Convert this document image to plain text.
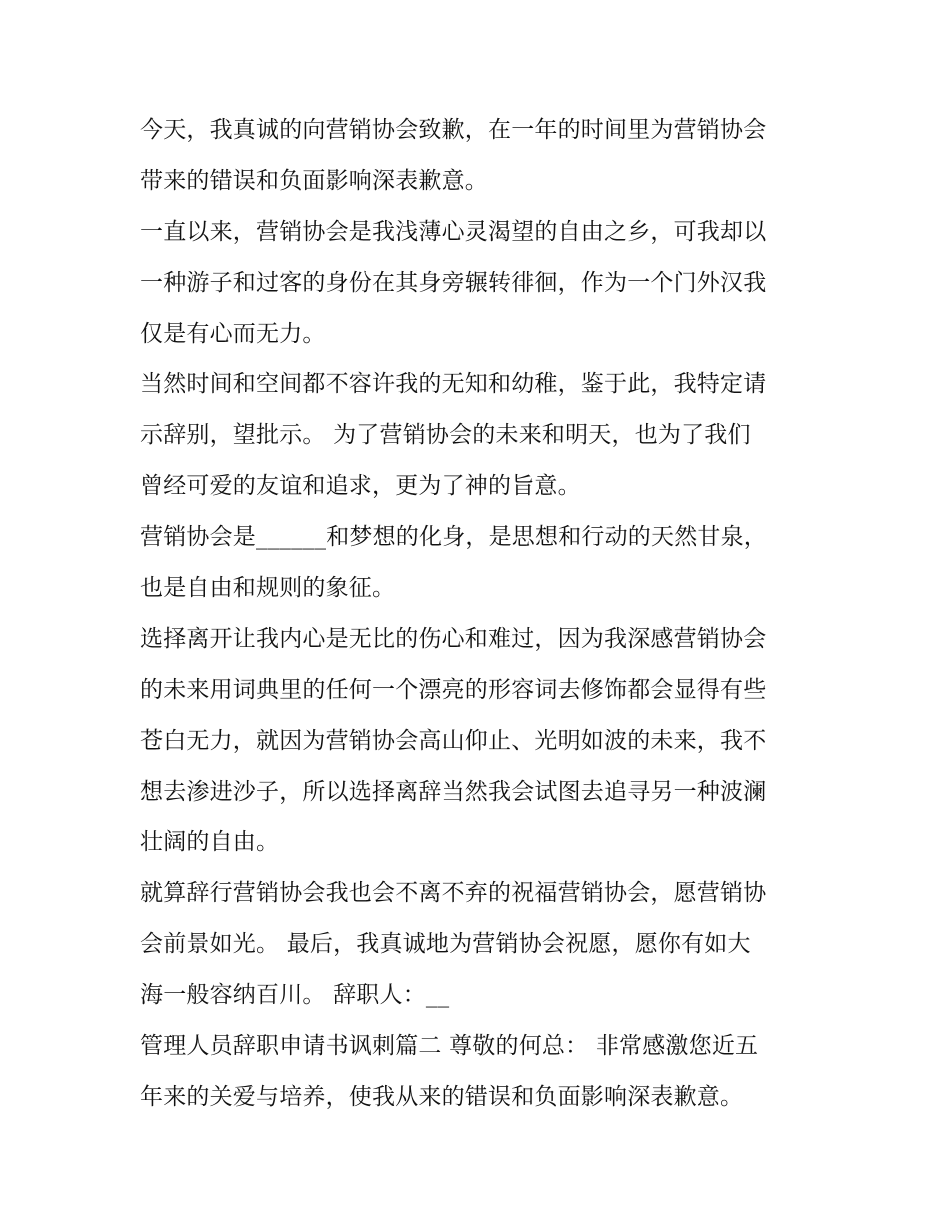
今天，我真诚的向营销协会致歉，在一年的时间里为营销协会
带来的错误和负面影响深表歉意。
一直以来，营销协会是我浅薄心灵渴望的自由之乡，可我却以
一种游子和过客的身份在其身旁辗转徘徊，作为一个门外汉我
仅是有心而无力。
当然时间和空间都不容许我的无知和幼稚，鉴于此，我特定请
示辞别，望批示。 为了营销协会的未来和明天，也为了我们
曾经可爱的友谊和追求，更为了神的旨意。
营销协会是______和梦想的化身，是思想和行动的天然甘泉，
也是自由和规则的象征。
选择离开让我内心是无比的伤心和难过，因为我深感营销协会
的未来用词典里的任何一个漂亮的形容词去修饰都会显得有些
苍白无力，就因为营销协会高山仰止、光明如波的未来，我不
想去渗进沙子，所以选择离辞当然我会试图去追寻另一种波澜
壮阔的自由。
就算辞行营销协会我也会不离不弃的祝福营销协会，愿营销协
会前景如光。 最后，我真诚地为营销协会祝愿，愿你有如大
海一般容纳百川。 辞职人：__
管理人员辞职申请书讽刺篇二 尊敬的何总： 非常感激您近五
年来的关爱与培养，使我从来的错误和负面影响深表歉意。
